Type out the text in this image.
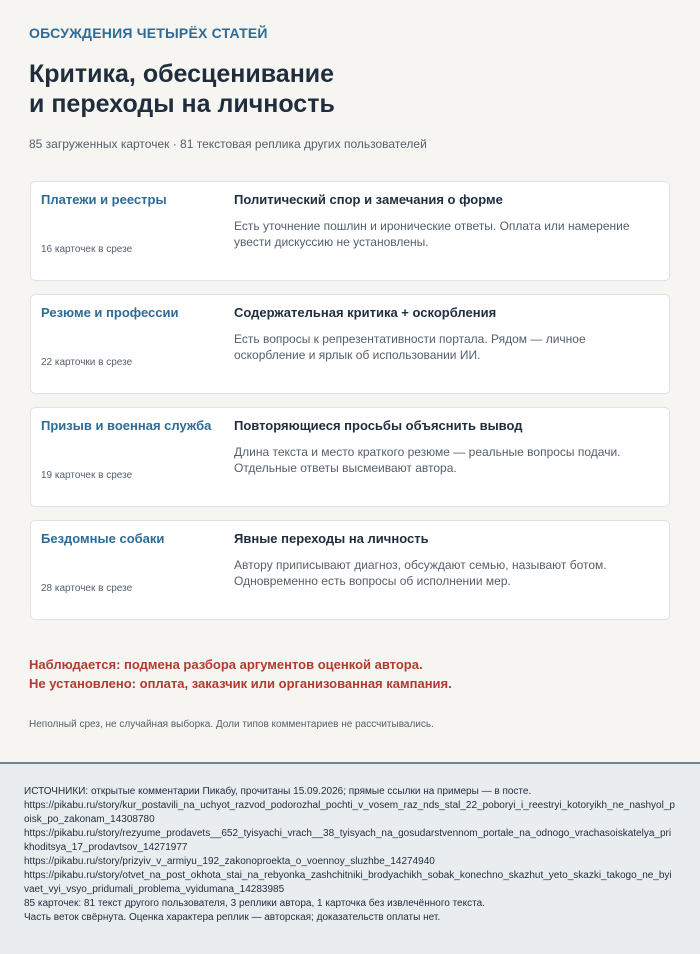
ОБСУЖДЕНИЯ ЧЕТЫРЁХ СТАТЕЙ
Критика, обесценивание
и переходы на личность
85 загруженных карточек · 81 текстовая реплика других пользователей
Платежи и реестры
16 карточек в срезе
Политический спор и замечания о форме
Есть уточнение пошлин и иронические ответы. Оплата или намерение увести дискуссию не установлены.
Резюме и профессии
22 карточки в срезе
Содержательная критика + оскорбления
Есть вопросы к репрезентативности портала. Рядом — личное оскорбление и ярлык об использовании ИИ.
Призыв и военная служба
19 карточек в срезе
Повторяющиеся просьбы объяснить вывод
Длина текста и место краткого резюме — реальные вопросы подачи. Отдельные ответы высмеивают автора.
Бездомные собаки
28 карточек в срезе
Явные переходы на личность
Автору приписывают диагноз, обсуждают семью, называют ботом. Одновременно есть вопросы об исполнении мер.
Наблюдается: подмена разбора аргументов оценкой автора.
Не установлено: оплата, заказчик или организованная кампания.
Неполный срез, не случайная выборка. Доли типов комментариев не рассчитывались.
ИСТОЧНИКИ: открытые комментарии Пикабу, прочитаны 15.09.2026; прямые ссылки на примеры — в посте.
https://pikabu.ru/story/kur_postavili_na_uchyot_razvod_podorozhal_pochti_v_vosem_raz_nds_stal_22_poboryi_i_reestryi_kotoryikh_ne_nashyol_poisk_po_zakonam_14308780
https://pikabu.ru/story/rezyume_prodavets__652_tyisyachi_vrach__38_tyisyach_na_gosudarstvennom_portale_na_odnogo_vrachasoiskatelya_prikhoditsya_17_prodavtsov_14271977
https://pikabu.ru/story/prizyiv_v_armiyu_192_zakonoproekta_o_voennoy_sluzhbe_14274940
https://pikabu.ru/story/otvet_na_post_okhota_stai_na_rebyonka_zashchitniki_brodyachikh_sobak_konechno_skazhut_yeto_skazki_takogo_ne_byivaet_vyi_vsyo_pridumali_problema_vyidumana_14283985
85 карточек: 81 текст другого пользователя, 3 реплики автора, 1 карточка без извлечённого текста.
Часть веток свёрнута. Оценка характера реплик — авторская; доказательств оплаты нет.
